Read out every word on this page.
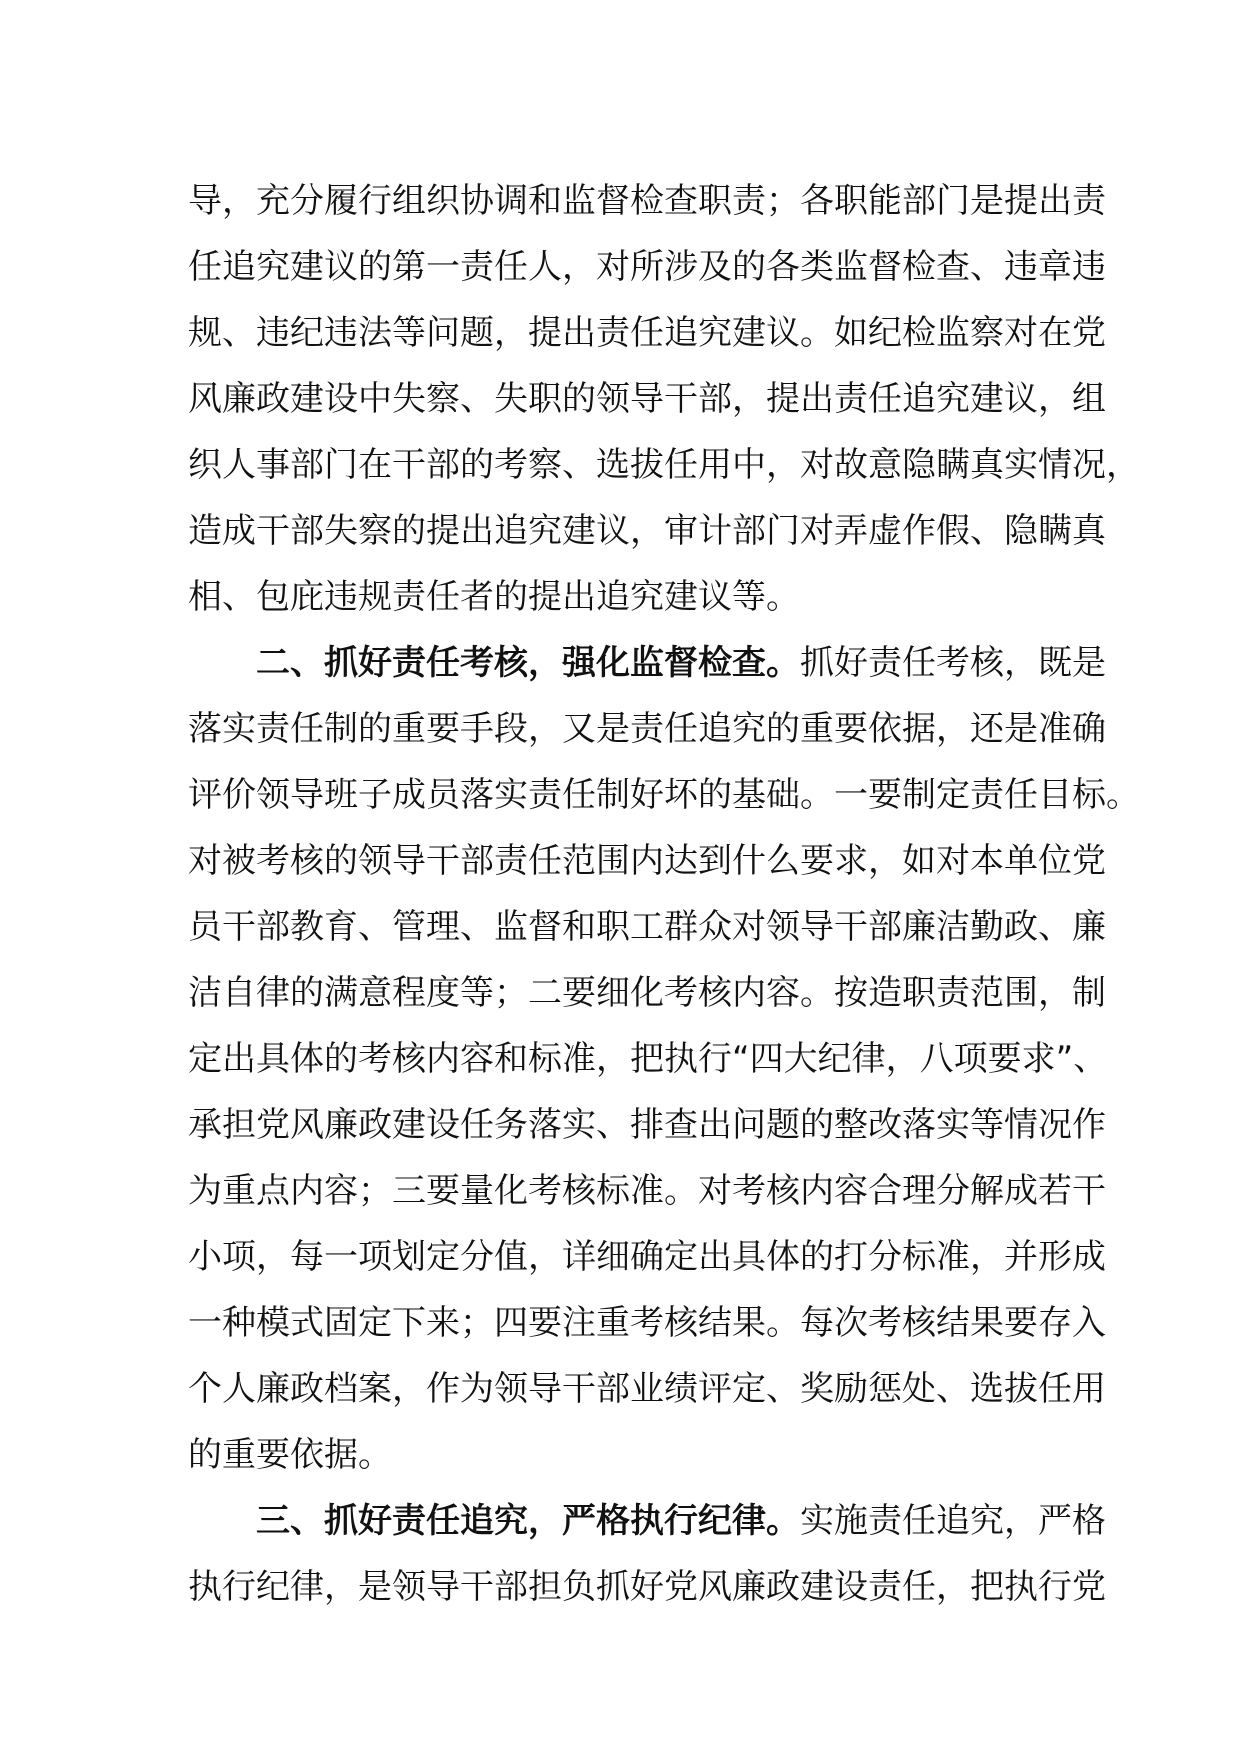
导，充分履行组织协调和监督检查职责；各职能部门是提出责
任追究建议的第一责任人，对所涉及的各类监督检查、违章违
规、违纪违法等问题，提出责任追究建议。如纪检监察对在党
风廉政建设中失察、失职的领导干部，提出责任追究建议，组
织人事部门在干部的考察、选拔任用中，对故意隐瞒真实情况，
造成干部失察的提出追究建议，审计部门对弄虚作假、隐瞒真
相、包庇违规责任者的提出追究建议等。
二、抓好责任考核，强化监督检查。抓好责任考核，既是
落实责任制的重要手段，又是责任追究的重要依据，还是准确
评价领导班子成员落实责任制好坏的基础。一要制定责任目标。
对被考核的领导干部责任范围内达到什么要求，如对本单位党
员干部教育、管理、监督和职工群众对领导干部廉洁勤政、廉
洁自律的满意程度等；二要细化考核内容。按造职责范围，制
定出具体的考核内容和标准，把执行“四大纪律，八项要求”、
承担党风廉政建设任务落实、排查出问题的整改落实等情况作
为重点内容；三要量化考核标准。对考核内容合理分解成若干
小项，每一项划定分值，详细确定出具体的打分标准，并形成
一种模式固定下来；四要注重考核结果。每次考核结果要存入
个人廉政档案，作为领导干部业绩评定、奖励惩处、选拔任用
的重要依据。
三、抓好责任追究，严格执行纪律。实施责任追究，严格
执行纪律，是领导干部担负抓好党风廉政建设责任，把执行党
